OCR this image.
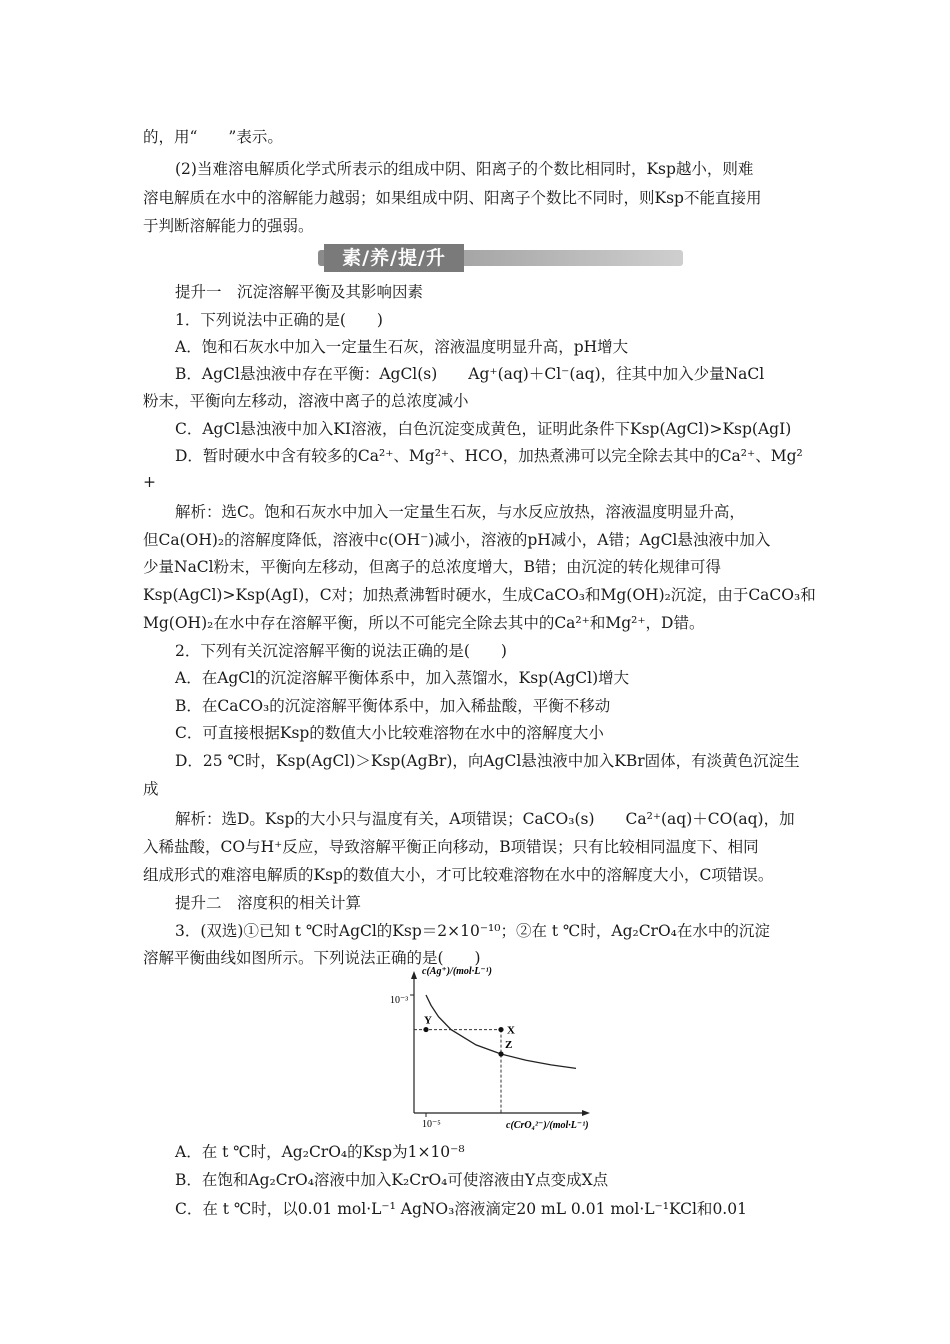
的，用“　　”表示。
(2)当难溶电解质化学式所表示的组成中阴、阳离子的个数比相同时，Ksp越小，则难
溶电解质在水中的溶解能力越弱；如果组成中阴、阳离子个数比不同时，则Ksp不能直接用
于判断溶解能力的强弱。
素/养/提/升
提升一　沉淀溶解平衡及其影响因素
1．下列说法中正确的是(　　)
A．饱和石灰水中加入一定量生石灰，溶液温度明显升高，pH增大
B．AgCl悬浊液中存在平衡：AgCl(s)　　Ag⁺(aq)＋Cl⁻(aq)，往其中加入少量NaCl
粉末，平衡向左移动，溶液中离子的总浓度减小
C．AgCl悬浊液中加入KI溶液，白色沉淀变成黄色，证明此条件下Ksp(AgCl)>Ksp(AgI)
D．暂时硬水中含有较多的Ca²⁺、Mg²⁺、HCO，加热煮沸可以完全除去其中的Ca²⁺、Mg²
+
解析：选C。饱和石灰水中加入一定量生石灰，与水反应放热，溶液温度明显升高，
但Ca(OH)₂的溶解度降低，溶液中c(OH⁻)减小，溶液的pH减小，A错；AgCl悬浊液中加入
少量NaCl粉末，平衡向左移动，但离子的总浓度增大，B错；由沉淀的转化规律可得
Ksp(AgCl)>Ksp(AgI)，C对；加热煮沸暂时硬水，生成CaCO₃和Mg(OH)₂沉淀，由于CaCO₃和
Mg(OH)₂在水中存在溶解平衡，所以不可能完全除去其中的Ca²⁺和Mg²⁺，D错。
2．下列有关沉淀溶解平衡的说法正确的是(　　)
A．在AgCl的沉淀溶解平衡体系中，加入蒸馏水，Ksp(AgCl)增大
B．在CaCO₃的沉淀溶解平衡体系中，加入稀盐酸，平衡不移动
C．可直接根据Ksp的数值大小比较难溶物在水中的溶解度大小
D．25 ℃时，Ksp(AgCl)＞Ksp(AgBr)，向AgCl悬浊液中加入KBr固体，有淡黄色沉淀生
成
解析：选D。Ksp的大小只与温度有关，A项错误；CaCO₃(s)　　Ca²⁺(aq)＋CO(aq)，加
入稀盐酸，CO与H⁺反应，导致溶解平衡正向移动，B项错误；只有比较相同温度下、相同
组成形式的难溶电解质的Ksp的数值大小，才可比较难溶物在水中的溶解度大小，C项错误。
提升二　溶度积的相关计算
3．(双选)①已知 t ℃时AgCl的Ksp＝2×10⁻¹⁰；②在 t ℃时，Ag₂CrO₄在水中的沉淀
溶解平衡曲线如图所示。下列说法正确的是(　　)
c(Ag⁺)/(mol·L⁻¹)
c(CrO₄²⁻)/(mol·L⁻¹)
10⁻³
10⁻⁵
Y
X
Z
A．在 t ℃时，Ag₂CrO₄的Ksp为1×10⁻⁸
B．在饱和Ag₂CrO₄溶液中加入K₂CrO₄可使溶液由Y点变成X点
C．在 t ℃时，以0.01 mol·L⁻¹ AgNO₃溶液滴定20 mL 0.01 mol·L⁻¹KCl和0.01
